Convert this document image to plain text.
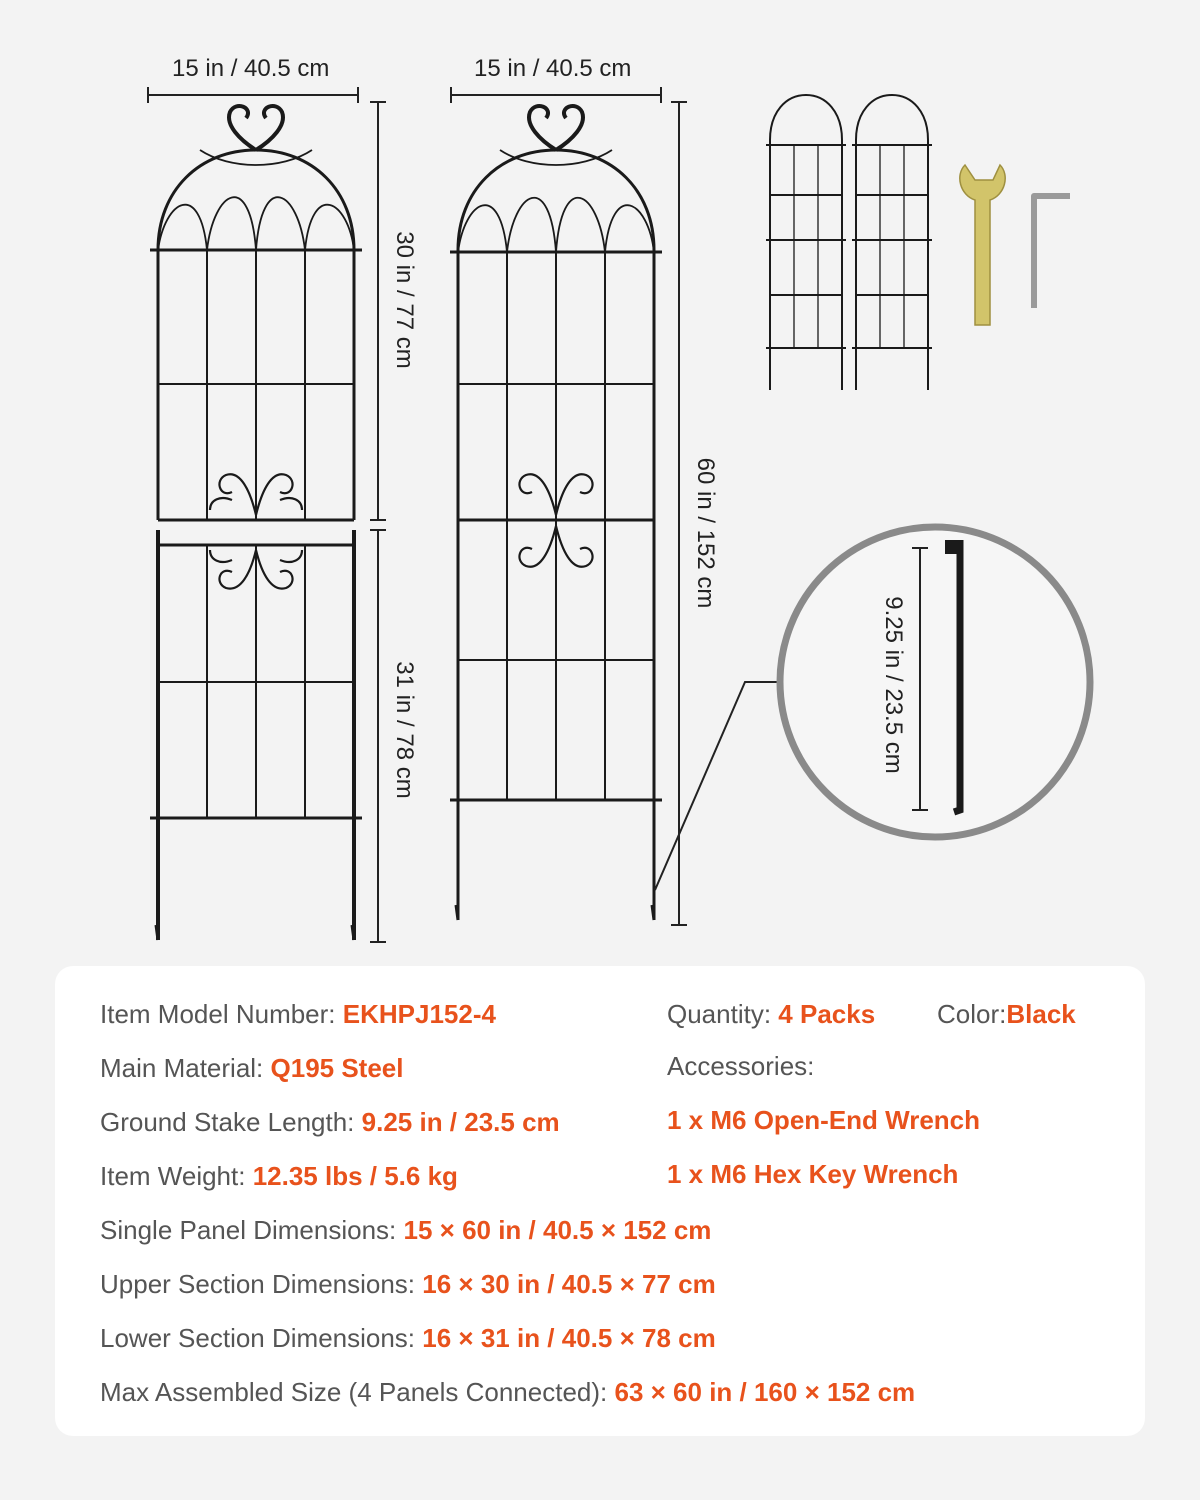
15 in / 40.5 cm	15 in / 40.5 cm
30 in / 77 cm
31 in / 78 cm
60 in / 152 cm
9.25 in / 23.5 cm
Item Model Number: EKHPJ152-4	Quantity: 4 Packs Color:Black
Main Material: Q195 Steel	Accessories:
Ground Stake Length: 9.25 in / 23.5 cm	1 x M6 Open-End Wrench
Item Weight: 12.35 lbs / 5.6 kg	1 x M6 Hex Key Wrench
Single Panel Dimensions: 15 × 60 in / 40.5 × 152 cm
Upper Section Dimensions: 16 × 30 in / 40.5 × 77 cm
Lower Section Dimensions: 16 × 31 in / 40.5 × 78 cm
Max Assembled Size (4 Panels Connected): 63 × 60 in / 160 × 152 cm
